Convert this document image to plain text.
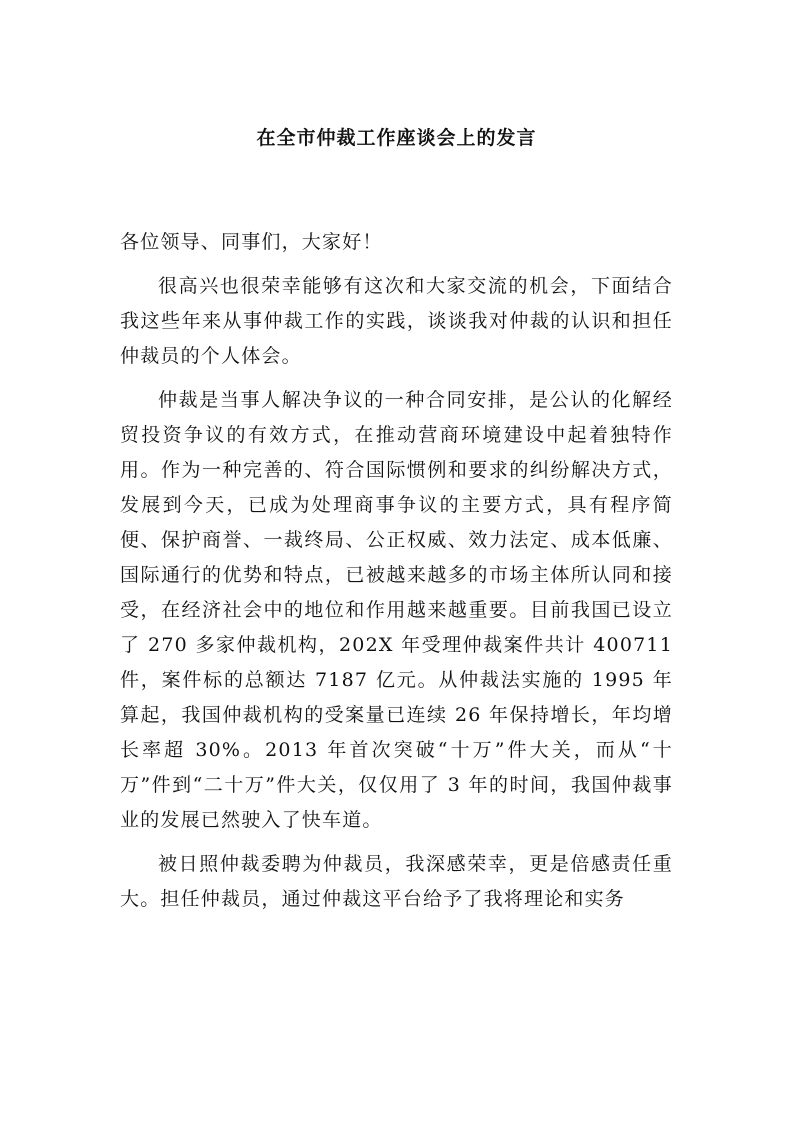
在全市仲裁工作座谈会上的发言

各位领导、同事们，大家好！

很高兴也很荣幸能够有这次和大家交流的机会，下面结合我这些年来从事仲裁工作的实践，谈谈我对仲裁的认识和担任仲裁员的个人体会。

仲裁是当事人解决争议的一种合同安排，是公认的化解经贸投资争议的有效方式，在推动营商环境建设中起着独特作用。作为一种完善的、符合国际惯例和要求的纠纷解决方式，发展到今天，已成为处理商事争议的主要方式，具有程序简便、保护商誉、一裁终局、公正权威、效力法定、成本低廉、国际通行的优势和特点，已被越来越多的市场主体所认同和接受，在经济社会中的地位和作用越来越重要。目前我国已设立了 270 多家仲裁机构，202X 年受理仲裁案件共计 400711 件，案件标的总额达 7187 亿元。从仲裁法实施的 1995 年算起，我国仲裁机构的受案量已连续 26 年保持增长，年均增长率超 30%。2013 年首次突破“十万”件大关，而从“十万”件到“二十万”件大关，仅仅用了 3 年的时间，我国仲裁事业的发展已然驶入了快车道。

被日照仲裁委聘为仲裁员，我深感荣幸，更是倍感责任重大。担任仲裁员，通过仲裁这平台给予了我将理论和实务
